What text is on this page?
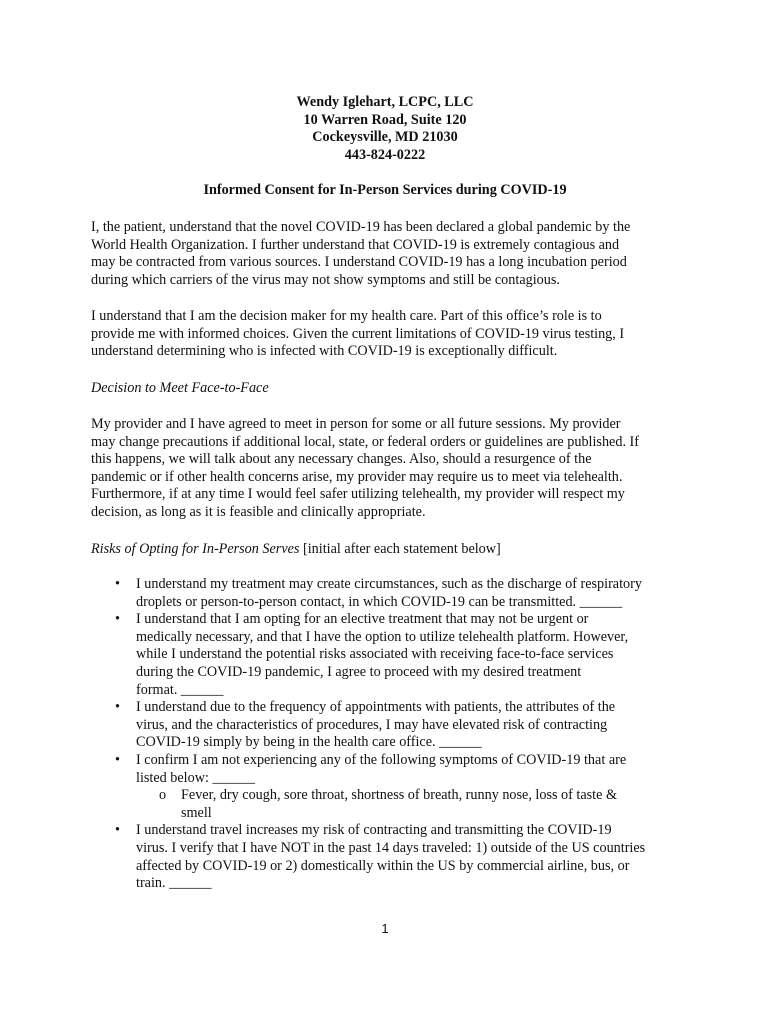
Wendy Iglehart, LCPC, LLC
10 Warren Road, Suite 120
Cockeysville, MD 21030
443-824-0222
Informed Consent for In-Person Services during COVID-19
I, the patient, understand that the novel COVID-19 has been declared a global pandemic by the
World Health Organization. I further understand that COVID-19 is extremely contagious and
may be contracted from various sources. I understand COVID-19 has a long incubation period
during which carriers of the virus may not show symptoms and still be contagious.
I understand that I am the decision maker for my health care. Part of this office’s role is to
provide me with informed choices. Given the current limitations of COVID-19 virus testing, I
understand determining who is infected with COVID-19 is exceptionally difficult.
Decision to Meet Face-to-Face
My provider and I have agreed to meet in person for some or all future sessions. My provider
may change precautions if additional local, state, or federal orders or guidelines are published. If
this happens, we will talk about any necessary changes. Also, should a resurgence of the
pandemic or if other health concerns arise, my provider may require us to meet via telehealth.
Furthermore, if at any time I would feel safer utilizing telehealth, my provider will respect my
decision, as long as it is feasible and clinically appropriate.
Risks of Opting for In-Person Serves [initial after each statement below]
• I understand my treatment may create circumstances, such as the discharge of respiratory
droplets or person-to-person contact, in which COVID-19 can be transmitted. ______
• I understand that I am opting for an elective treatment that may not be urgent or
medically necessary, and that I have the option to utilize telehealth platform. However,
while I understand the potential risks associated with receiving face-to-face services
during the COVID-19 pandemic, I agree to proceed with my desired treatment
format. ______
• I understand due to the frequency of appointments with patients, the attributes of the
virus, and the characteristics of procedures, I may have elevated risk of contracting
COVID-19 simply by being in the health care office. ______
• I confirm I am not experiencing any of the following symptoms of COVID-19 that are
listed below: ______
o Fever, dry cough, sore throat, shortness of breath, runny nose, loss of taste &
smell
• I understand travel increases my risk of contracting and transmitting the COVID-19
virus. I verify that I have NOT in the past 14 days traveled: 1) outside of the US countries
affected by COVID-19 or 2) domestically within the US by commercial airline, bus, or
train. ______
1
